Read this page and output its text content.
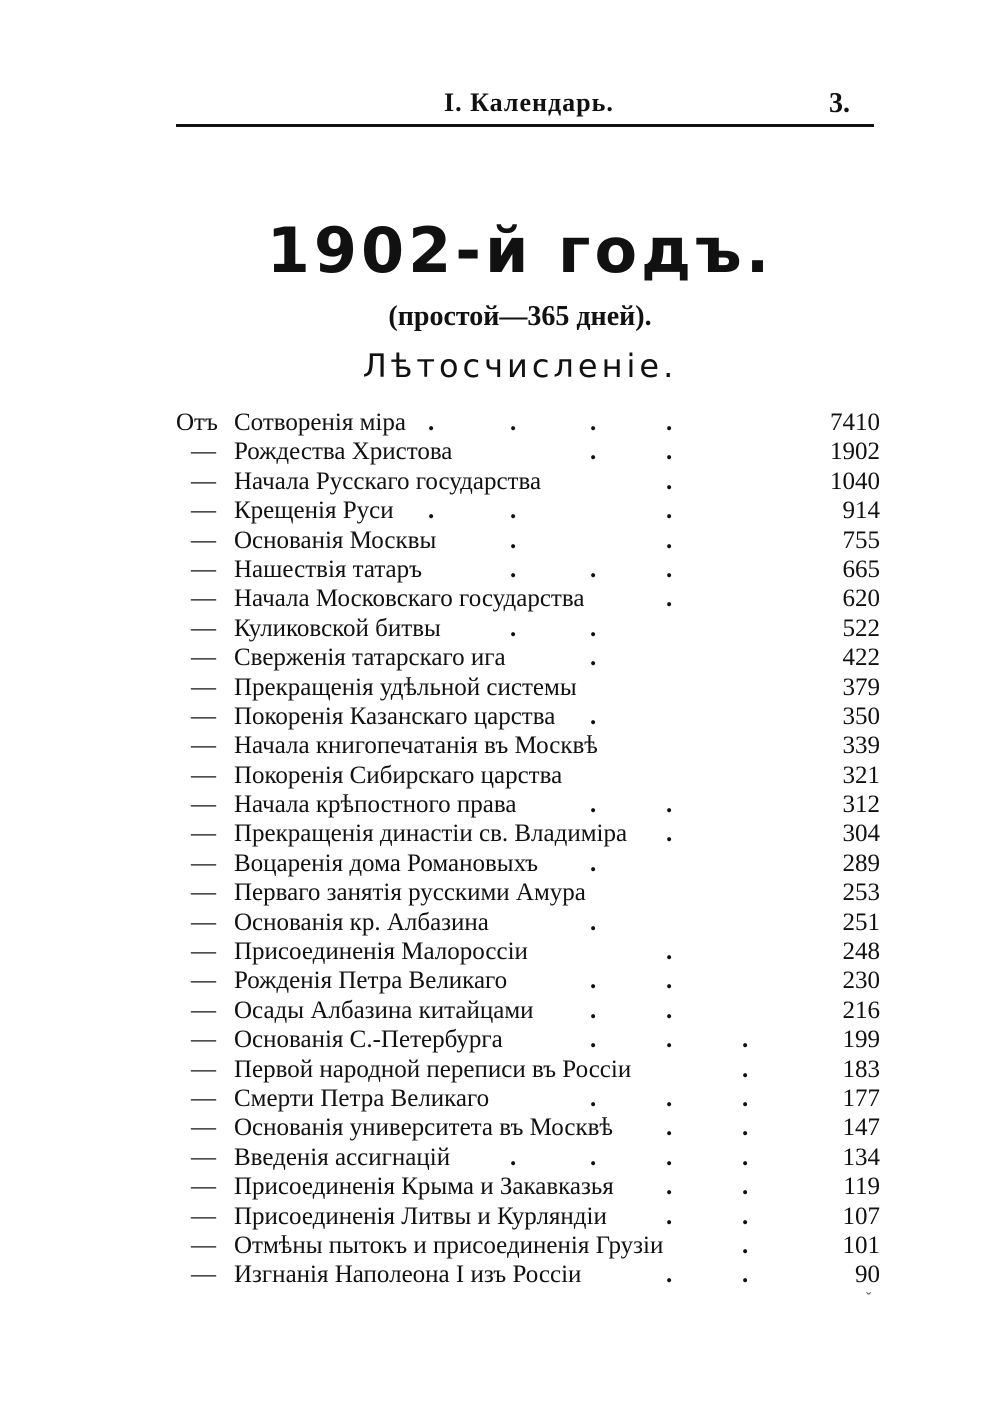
I. Календарь.	3.
1902-й годъ.
(простой—365 дней).
Лѣтосчисленіе.
Отъ Сотворенія міра .	.	.	.	7410
— Рождества Христова	.	.	1902
— Начала Русскаго государства	.	1040
— Крещенія Руси .	.	.	914
— Основанія Москвы	.	.	755
— Нашествія татаръ	.	.	.	665
— Начала Московскаго государства	.	620
— Куликовской битвы	.	.	522
— Сверженія татарскаго ига	.	422
— Прекращенія удѣльной системы	379
— Покоренія Казанскаго царства .	350
— Начала книгопечатанія въ Москвѣ	339
— Покоренія Сибирскаго царства	321
— Начала крѣпостного права	.	.	312
— Прекращенія династіи св. Владиміра .	304
— Воцаренія дома Романовыхъ .	289
— Перваго занятія русскими Амура	253
— Основанія кр. Албазина	.	251
— Присоединенія Малороссіи	.	248
— Рожденія Петра Великаго	.	.	230
— Осады Албазина китайцами .	.	216
— Основанія С.-Петербурга	.	.	.	199
— Первой народной переписи въ Россіи	.	183
— Смерти Петра Великаго	.	.	.	177
— Основанія университета въ Москвѣ .	.	147
— Введенія ассигнацій .	.	.	.	134
— Присоединенія Крыма и Закавказья .	.	119
— Присоединенія Литвы и Курляндіи .	.	107
— Отмѣны пытокъ и присоединенія Грузіи	.	101
— Изгнанія Наполеона I изъ Россіи	.	.	90
ˇ
